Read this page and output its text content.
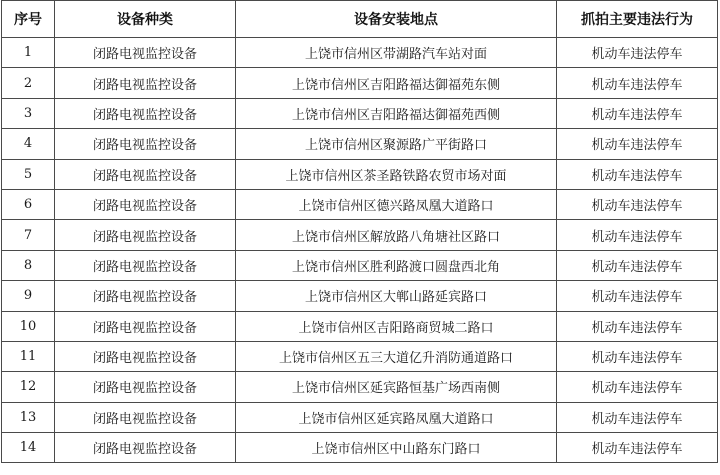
序号	设备种类	设备安装地点	抓拍主要违法行为
1	闭路电视监控设备	上饶市信州区带湖路汽车站对面	机动车违法停车
2	闭路电视监控设备	上饶市信州区吉阳路福达御福苑东侧	机动车违法停车
3	闭路电视监控设备	上饶市信州区吉阳路福达御福苑西侧	机动车违法停车
4	闭路电视监控设备	上饶市信州区聚源路广平街路口	机动车违法停车
5	闭路电视监控设备	上饶市信州区茶圣路铁路农贸市场对面	机动车违法停车
6	闭路电视监控设备	上饶市信州区德兴路凤凰大道路口	机动车违法停车
7	闭路电视监控设备	上饶市信州区解放路八角塘社区路口	机动车违法停车
8	闭路电视监控设备	上饶市信州区胜利路渡口圆盘西北角	机动车违法停车
9	闭路电视监控设备	上饶市信州区大郸山路延宾路口	机动车违法停车
10	闭路电视监控设备	上饶市信州区吉阳路商贸城二路口	机动车违法停车
11	闭路电视监控设备	上饶市信州区五三大道亿升消防通道路口	机动车违法停车
12	闭路电视监控设备	上饶市信州区延宾路恒基广场西南侧	机动车违法停车
13	闭路电视监控设备	上饶市信州区延宾路凤凰大道路口	机动车违法停车
14	闭路电视监控设备	上饶市信州区中山路东门路口	机动车违法停车
